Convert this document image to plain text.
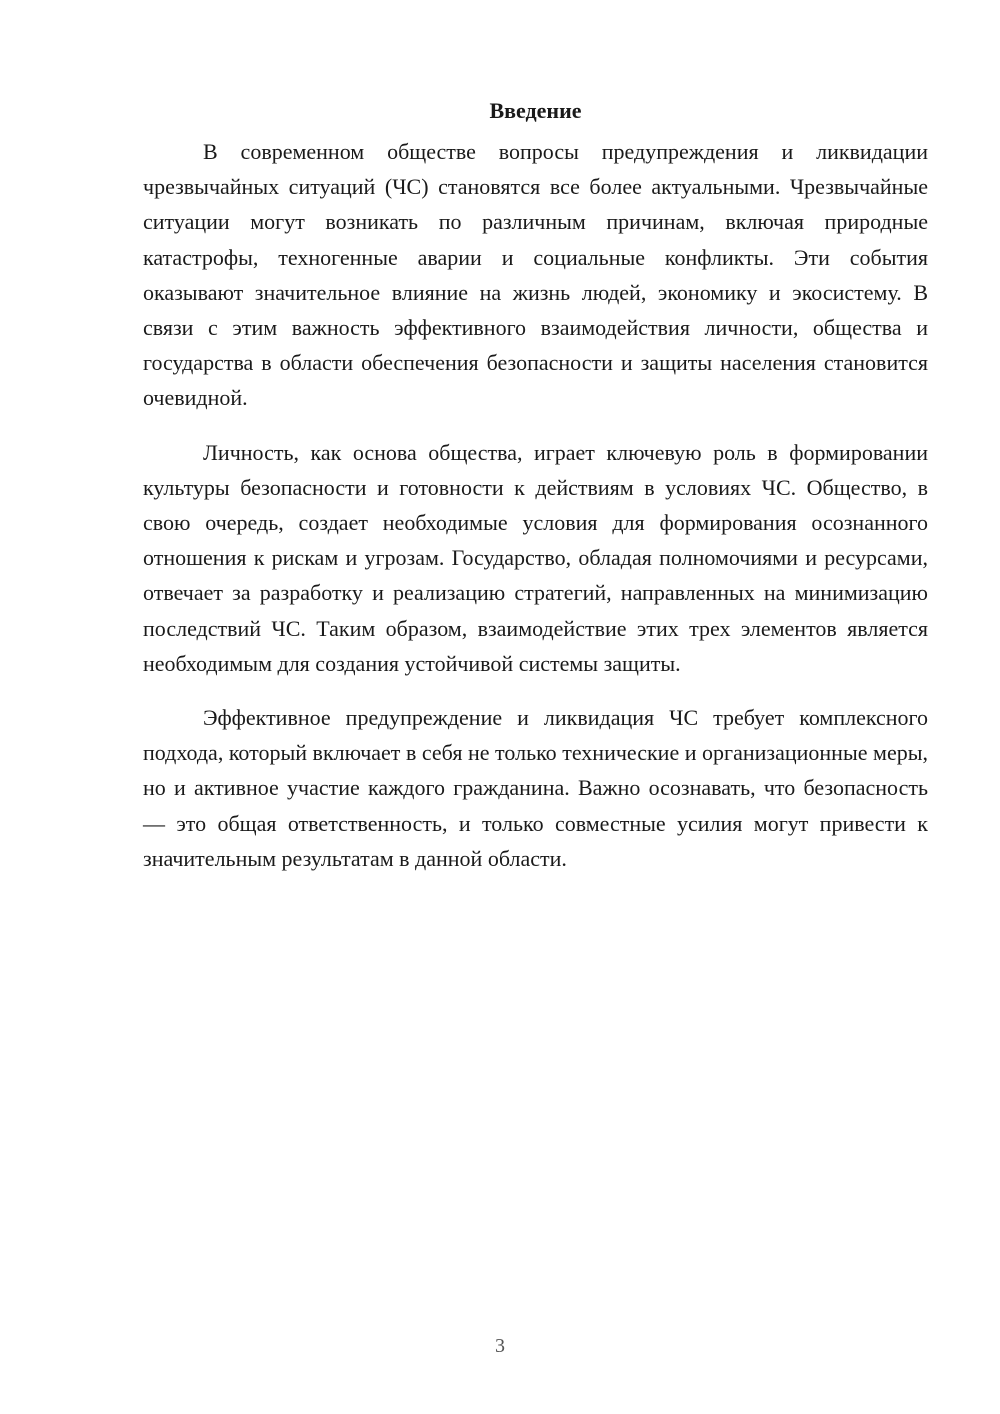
Введение

В современном обществе вопросы предупреждения и ликвидации чрезвычайных ситуаций (ЧС) становятся все более актуальными. Чрезвычайные ситуации могут возникать по различным причинам, включая природные катастрофы, техногенные аварии и социальные конфликты. Эти события оказывают значительное влияние на жизнь людей, экономику и экосистему. В связи с этим важность эффективного взаимодействия личности, общества и государства в области обеспечения безопасности и защиты населения становится очевидной.

Личность, как основа общества, играет ключевую роль в формировании культуры безопасности и готовности к действиям в условиях ЧС. Общество, в свою очередь, создает необходимые условия для формирования осознанного отношения к рискам и угрозам. Государство, обладая полномочиями и ресурсами, отвечает за разработку и реализацию стратегий, направленных на минимизацию последствий ЧС. Таким образом, взаимодействие этих трех элементов является необходимым для создания устойчивой системы защиты.

Эффективное предупреждение и ликвидация ЧС требует комплексного подхода, который включает в себя не только технические и организационные меры, но и активное участие каждого гражданина. Важно осознавать, что безопасность — это общая ответственность, и только совместные усилия могут привести к значительным результатам в данной области.

3
